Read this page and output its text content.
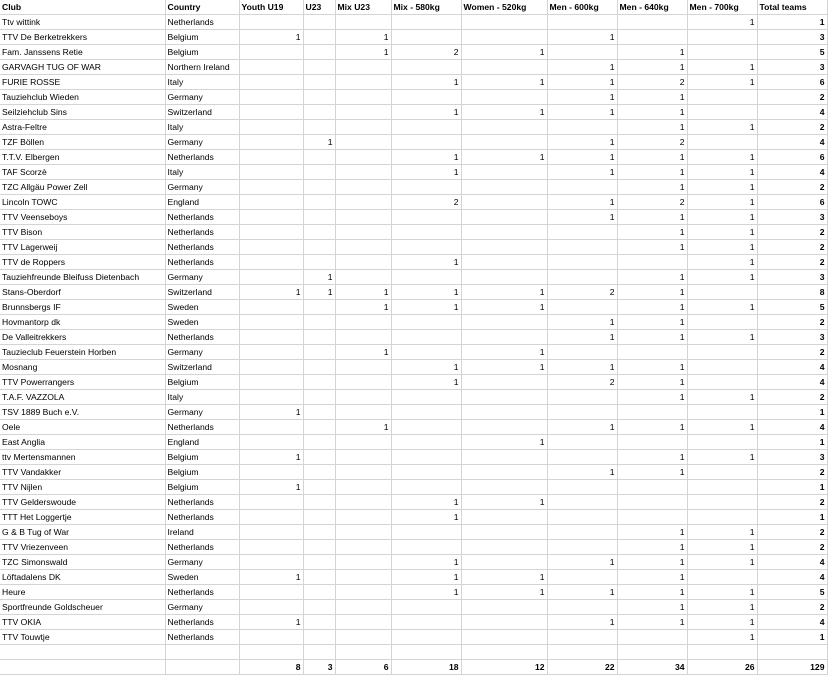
Club	Country	Youth U19	U23	Mix U23	Mix - 580kg	Women - 520kg	Men - 600kg	Men - 640kg	Men - 700kg	Total teams
Ttv wittink	Netherlands								1	1
TTV De Berketrekkers	Belgium	1		1			1			3
Fam. Janssens Retie	Belgium			1	2	1		1		5
GARVAGH TUG OF WAR	Northern Ireland						1	1	1	3
FURIE ROSSE	Italy				1	1	1	2	1	6
Tauziehclub Wieden	Germany						1	1		2
Seilziehclub Sins	Switzerland				1	1	1	1		4
Astra-Feltre	Italy							1	1	2
TZF Böllen	Germany		1				1	2		4
T.T.V. Elbergen	Netherlands				1	1	1	1	1	6
TAF Scorzè	Italy				1		1	1	1	4
TZC Allgäu Power Zell	Germany							1	1	2
Lincoln TOWC	England				2		1	2	1	6
TTV Veenseboys	Netherlands						1	1	1	3
TTV Bison	Netherlands							1	1	2
TTV Lagerweij	Netherlands							1	1	2
TTV de Roppers	Netherlands				1				1	2
Tauziehfreunde Bleifuss Dietenbach	Germany		1					1	1	3
Stans-Oberdorf	Switzerland	1	1	1	1	1	2	1		8
Brunnsbergs IF	Sweden			1	1	1		1	1	5
Hovmantorp dk	Sweden						1	1		2
De Valleitrekkers	Netherlands						1	1	1	3
Tauzieclub Feuerstein Horben	Germany			1		1				2
Mosnang	Switzerland				1	1	1	1		4
TTV Powerrangers	Belgium				1		2	1		4
T.A.F. VAZZOLA	Italy							1	1	2
TSV 1889 Buch e.V.	Germany	1								1
Oele	Netherlands			1			1	1	1	4
East Anglia	England					1				1
ttv Mertensmannen	Belgium	1						1	1	3
TTV Vandakker	Belgium						1	1		2
TTV Nijlen	Belgium	1								1
TTV Gelderswoude	Netherlands				1	1				2
TTT Het Loggertje	Netherlands				1					1
G & B Tug of War	Ireland							1	1	2
TTV Vriezenveen	Netherlands							1	1	2
TZC Simonswald	Germany				1		1	1	1	4
Löftadalens DK	Sweden	1			1	1		1		4
Heure	Netherlands				1	1	1	1	1	5
Sportfreunde Goldscheuer	Germany							1	1	2
TTV OKIA	Netherlands	1					1	1	1	4
TTV Touwtje	Netherlands								1	1

		8	3	6	18	12	22	34	26	129
